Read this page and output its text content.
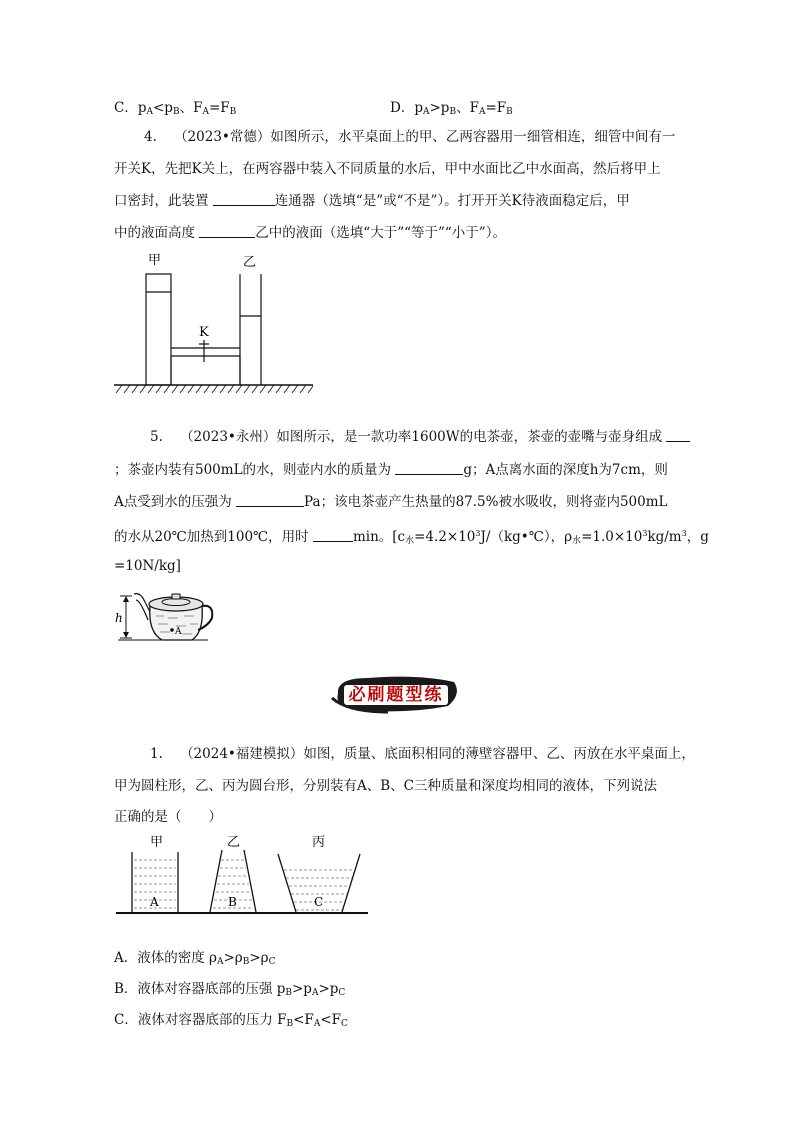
C．$p_A<p_B$、$F_A=F_B$	D．$p_A>p_B$、$F_A=F_B$
4. （2023•常德）如图所示，水平桌面上的甲、乙两容器用一细管相连，细管中间有一
开关K，先把K关上，在两容器中装入不同质量的水后，甲中水面比乙中水面高，然后将甲上
口密封，此装置	连通器（选填“是”或“不是”）。打开开关K待液面稳定后，甲
中的液面高度	乙中的液面（选填“大于”“等于”“小于”）。
甲	乙
K
5. （2023•永州）如图所示，是一款功率1600W的电茶壶，茶壶的壶嘴与壶身组成
；茶壶内装有500mL的水，则壶内水的质量为	g；A点离水面的深度h为7cm，则
A点受到水的压强为	Pa；该电茶壶产生热量的87.5%被水吸收，则将壶内500mL
的水从20℃加热到100℃，用时	min。[$c_水=4.2\times 10^3J/(kg•℃)$，$\rho_水=1.0\times 10^3kg/m^3$，g
=10N/kg]
h
A
必刷题型练
1. （2024•福建模拟）如图，质量、底面积相同的薄壁容器甲、乙、丙放在水平桌面上，
甲为圆柱形，乙、丙为圆台形，分别装有A、B、C三种质量和深度均相同的液体，下列说法
正确的是（　　）
甲	乙	丙
A	B	C
A．液体的密度 $\rho_A>\rho_B>\rho_C$
B．液体对容器底部的压强 $p_B>p_A>p_C$
C．液体对容器底部的压力 $F_B<F_A<F_C$
